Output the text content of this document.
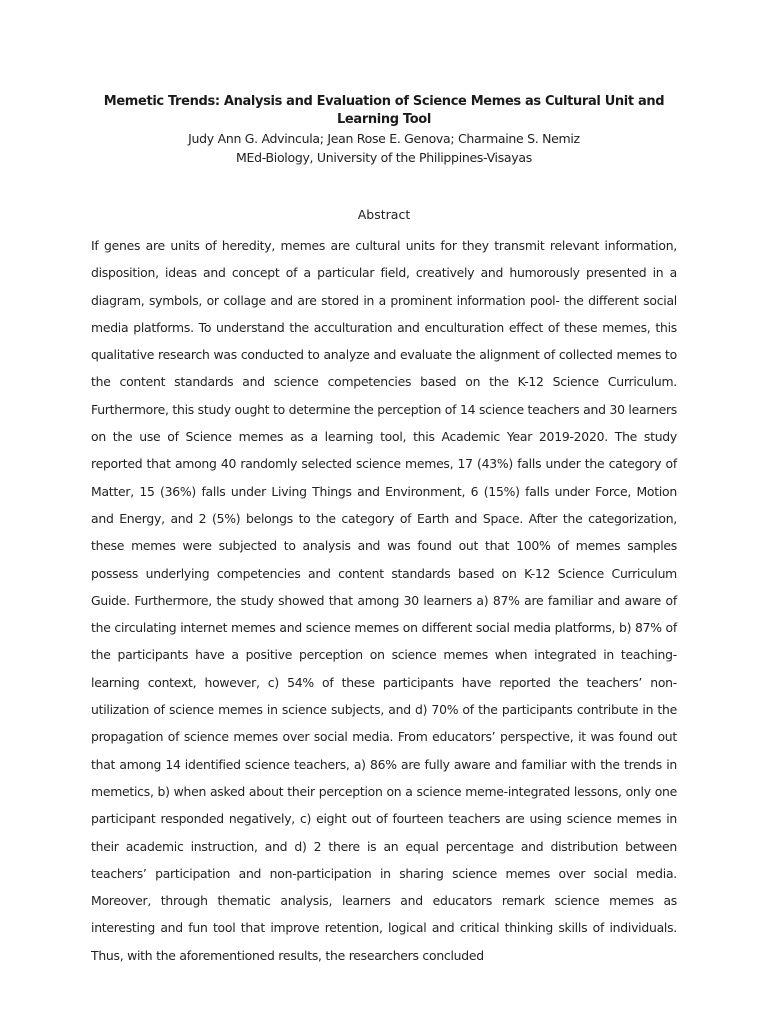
Memetic Trends: Analysis and Evaluation of Science Memes as Cultural Unit and Learning Tool
Judy Ann G. Advincula; Jean Rose E. Genova; Charmaine S. Nemiz
MEd-Biology, University of the Philippines-Visayas
Abstract

If genes are units of heredity, memes are cultural units for they transmit relevant information, disposition, ideas and concept of a particular field, creatively and humorously presented in a diagram, symbols, or collage and are stored in a prominent information pool- the different social media platforms. To understand the acculturation and enculturation effect of these memes, this qualitative research was conducted to analyze and evaluate the alignment of collected memes to the content standards and science competencies based on the K-12 Science Curriculum. Furthermore, this study ought to determine the perception of 14 science teachers and 30 learners on the use of Science memes as a learning tool, this Academic Year 2019-2020. The study reported that among 40 randomly selected science memes, 17 (43%) falls under the category of Matter, 15 (36%) falls under Living Things and Environment, 6 (15%) falls under Force, Motion and Energy, and 2 (5%) belongs to the category of Earth and Space. After the categorization, these memes were subjected to analysis and was found out that 100% of memes samples possess underlying competencies and content standards based on K-12 Science Curriculum Guide. Furthermore, the study showed that among 30 learners a) 87% are familiar and aware of the circulating internet memes and science memes on different social media platforms, b) 87% of the participants have a positive perception on science memes when integrated in teaching-learning context, however, c) 54% of these participants have reported the teachers’ non-utilization of science memes in science subjects, and d) 70% of the participants contribute in the propagation of science memes over social media. From educators’ perspective, it was found out that among 14 identified science teachers, a) 86% are fully aware and familiar with the trends in memetics, b) when asked about their perception on a science meme-integrated lessons, only one participant responded negatively, c) eight out of fourteen teachers are using science memes in their academic instruction, and d) 2 there is an equal percentage and distribution between teachers’ participation and non-participation in sharing science memes over social media. Moreover, through thematic analysis, learners and educators remark science memes as interesting and fun tool that improve retention, logical and critical thinking skills of individuals. Thus, with the aforementioned results, the researchers concluded
